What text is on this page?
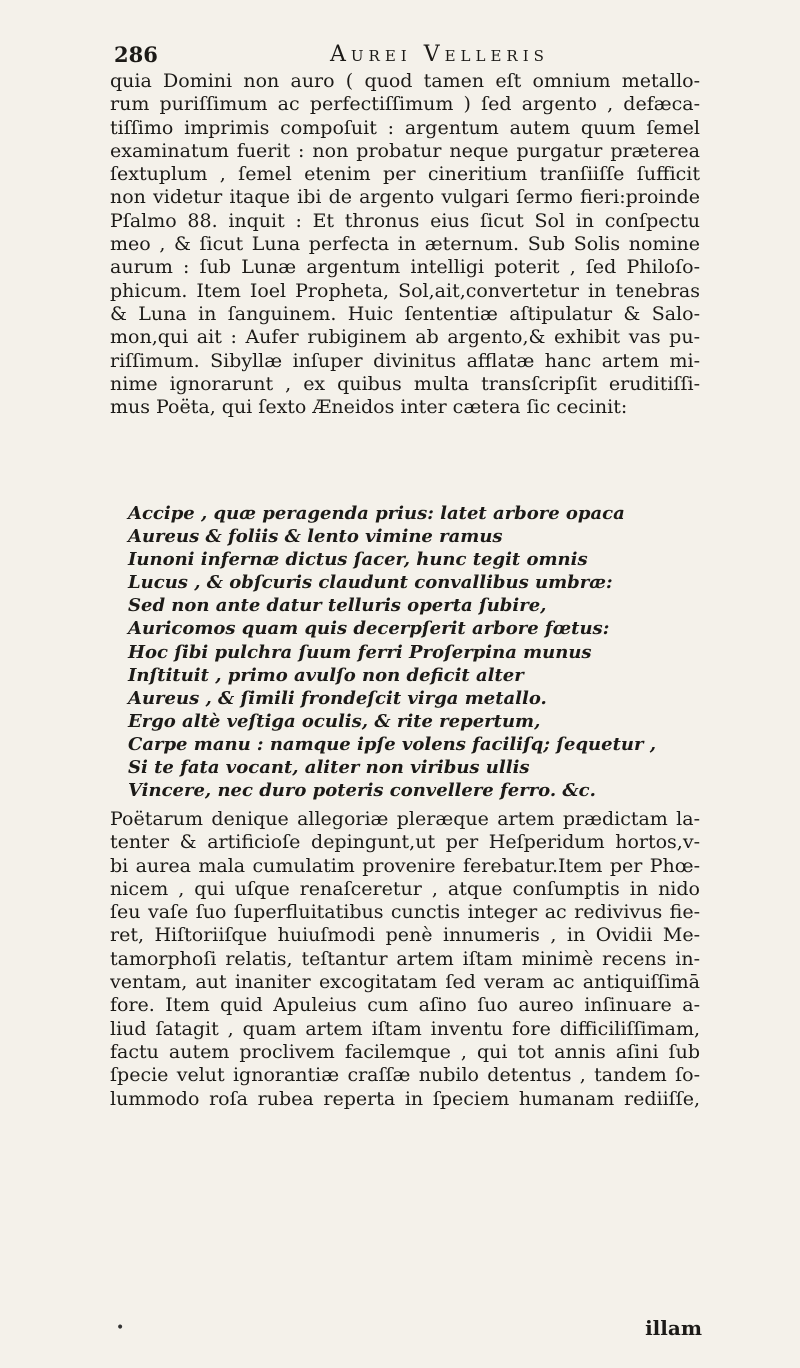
286	Aurei Velleris
quia Domini non auro ( quod tamen eſt omnium metallo-
rum puriſſimum ac perfectiſſimum ) ſed argento , defæca-
tiſſimo imprimis compoſuit : argentum autem quum ſemel
examinatum fuerit : non probatur neque purgatur præterea
ſextuplum , ſemel etenim per cineritium tranſiiſſe ſufficit
non videtur itaque ibi de argento vulgari ſermo fieri:proinde
Pſalmo 88. inquit : Et thronus eius ſicut Sol in conſpectu
meo , & ſicut Luna perfecta in æternum. Sub Solis nomine
aurum : ſub Lunæ argentum intelligi poterit , ſed Philoſo-
phicum. Item Ioel Propheta, Sol,ait,convertetur in tenebras
& Luna in ſanguinem. Huic ſententiæ aſtipulatur & Salo-
mon,qui ait : Aufer rubiginem ab argento,& exhibit vas pu-
riſſimum. Sibyllæ inſuper divinitus afflatæ hanc artem mi-
nime ignorarunt , ex quibus multa transſcripſit eruditiſſi-
mus Poëta, qui ſexto Æneidos inter cætera ſic cecinit:
Accipe , quæ peragenda prius: latet arbore opaca
Aureus & foliis & lento vimine ramus
Iunoni infernæ dictus ſacer, hunc tegit omnis
Lucus , & obſcuris claudunt convallibus umbræ:
Sed non ante datur telluris operta ſubire,
Auricomos quam quis decerpſerit arbore fœtus:
Hoc ſibi pulchra ſuum ferri Proſerpina munus
Inſtituit , primo avulſo non deficit alter
Aureus , & ſimili frondeſcit virga metallo.
Ergo altè veſtiga oculis, & rite repertum,
Carpe manu : namque ipſe volens faciliſq; ſequetur ,
Si te fata vocant, aliter non viribus ullis
Vincere, nec duro poteris convellere ferro. &c.
Poëtarum denique allegoriæ pleræque artem prædictam la-
tenter & artificioſe depingunt,ut per Heſperidum hortos,v-
bi aurea mala cumulatim provenire ferebatur.Item per Phœ-
nicem , qui uſque renaſceretur , atque conſumptis in nido
ſeu vaſe ſuo ſuperfluitatibus cunctis integer ac redivivus fie-
ret, Hiſtoriiſque huiuſmodi penè innumeris , in Ovidii Me-
tamorphoſi relatis, teſtantur artem iſtam minimè recens in-
ventam, aut inaniter excogitatam ſed veram ac antiquiſſimā
fore. Item quid Apuleius cum aſino ſuo aureo inſinuare a-
liud ſatagit , quam artem iſtam inventu fore difficiliſſimam,
factu autem proclivem facilemque , qui tot annis aſini ſub
ſpecie velut ignorantiæ craſſæ nubilo detentus , tandem ſo-
lummodo roſa rubea reperta in ſpeciem humanam rediiſſe,
•	illam
